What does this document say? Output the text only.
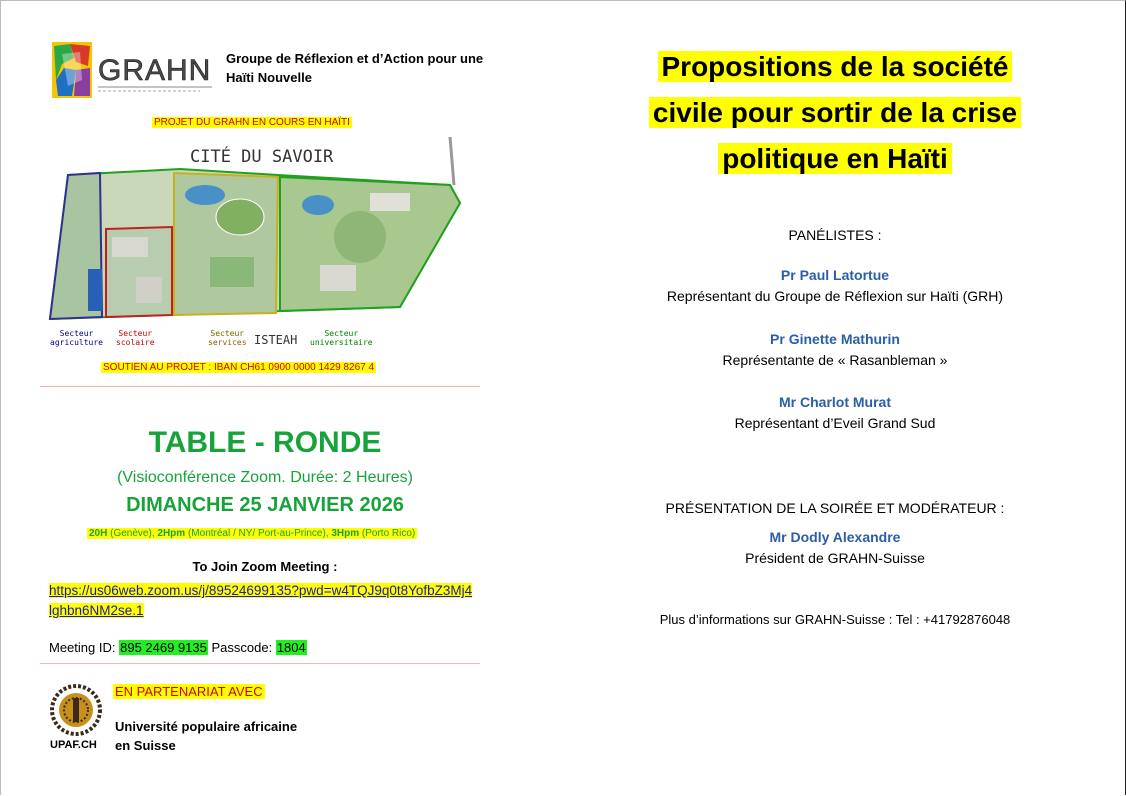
GRAHN Groupe de Réflexion et d’Action pour une
Haïti Nouvelle
PROJET DU GRAHN EN COURS EN HAÏTI
CITÉ DU SAVOIR
Secteur
agriculture
Secteur
scolaire
Secteur
services ISTEAH	Secteur
universitaire
SOUTIEN AU PROJET : IBAN CH61 0900 0000 1429 8267 4
TABLE - RONDE
(Visioconférence Zoom. Durée: 2 Heures)
DIMANCHE 25 JANVIER 2026
20H (Genève), 2Hpm (Montréal / NY/ Port-au-Prince), 3Hpm (Porto Rico)
To Join Zoom Meeting :
https://us06web.zoom.us/j/89524699135?pwd=w4TQJ9q0t8YofbZ3Mj4
lghbn6NM2se.1
Meeting ID: 895 2469 9135 Passcode: 1804
UPAF.CH
EN PARTENARIAT AVEC
Université populaire africaine
en Suisse
Propositions de la société
civile pour sortir de la crise
politique en Haïti
PANÉLISTES :
Pr Paul Latortue
Représentant du Groupe de Réflexion sur Haïti (GRH)
Pr Ginette Mathurin
Représentante de « Rasanbleman »
Mr Charlot Murat
Représentant d’Eveil Grand Sud
PRÉSENTATION DE LA SOIRÉE ET MODÉRATEUR :
Mr Dodly Alexandre
Président de GRAHN-Suisse
Plus d’informations sur GRAHN-Suisse : Tel : +41792876048
